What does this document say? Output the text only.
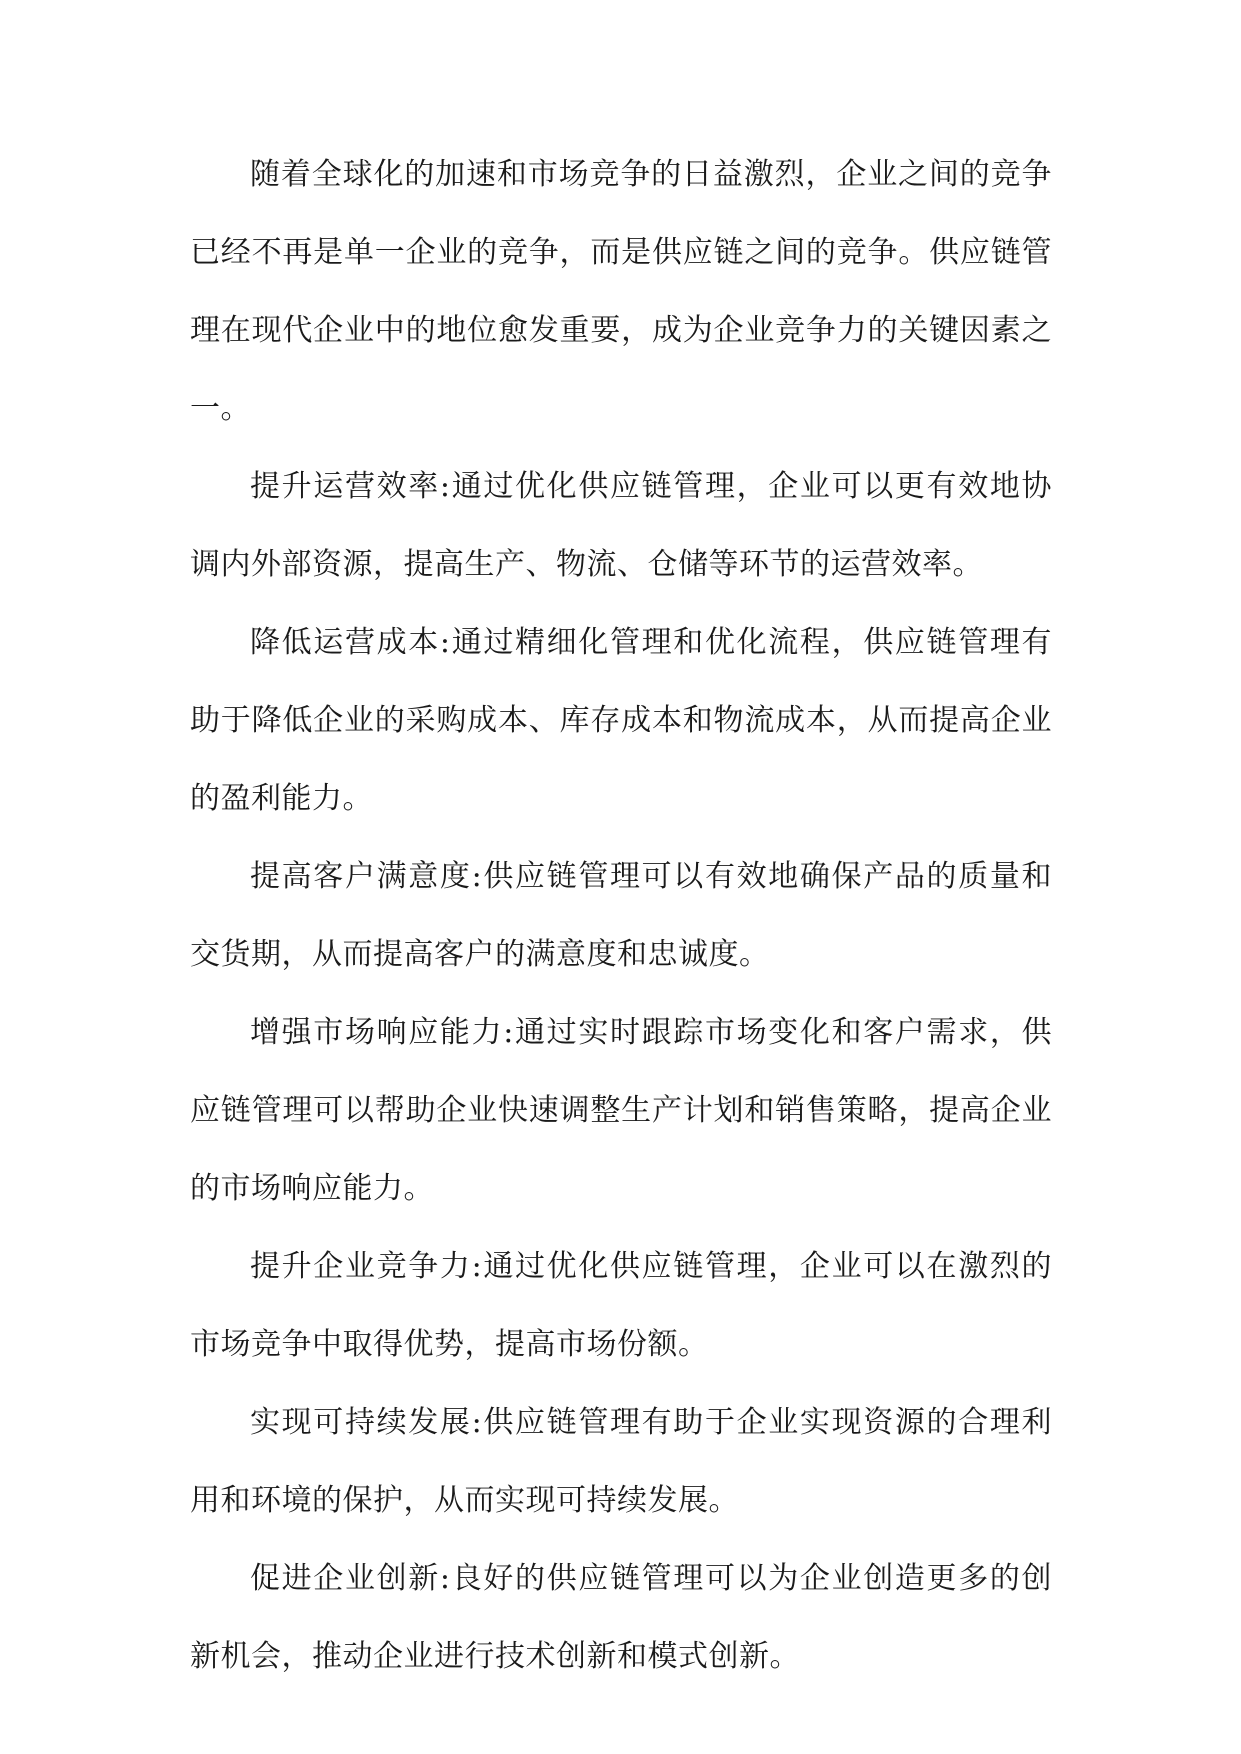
随着全球化的加速和市场竞争的日益激烈，企业之间的竞争已经不再是单一企业的竞争，而是供应链之间的竞争。供应链管理在现代企业中的地位愈发重要，成为企业竞争力的关键因素之一。

提升运营效率:通过优化供应链管理，企业可以更有效地协调内外部资源，提高生产、物流、仓储等环节的运营效率。

降低运营成本:通过精细化管理和优化流程，供应链管理有助于降低企业的采购成本、库存成本和物流成本，从而提高企业的盈利能力。

提高客户满意度:供应链管理可以有效地确保产品的质量和交货期，从而提高客户的满意度和忠诚度。

增强市场响应能力:通过实时跟踪市场变化和客户需求，供应链管理可以帮助企业快速调整生产计划和销售策略，提高企业的市场响应能力。

提升企业竞争力:通过优化供应链管理，企业可以在激烈的市场竞争中取得优势，提高市场份额。

实现可持续发展:供应链管理有助于企业实现资源的合理利用和环境的保护，从而实现可持续发展。

促进企业创新:良好的供应链管理可以为企业创造更多的创新机会，推动企业进行技术创新和模式创新。
